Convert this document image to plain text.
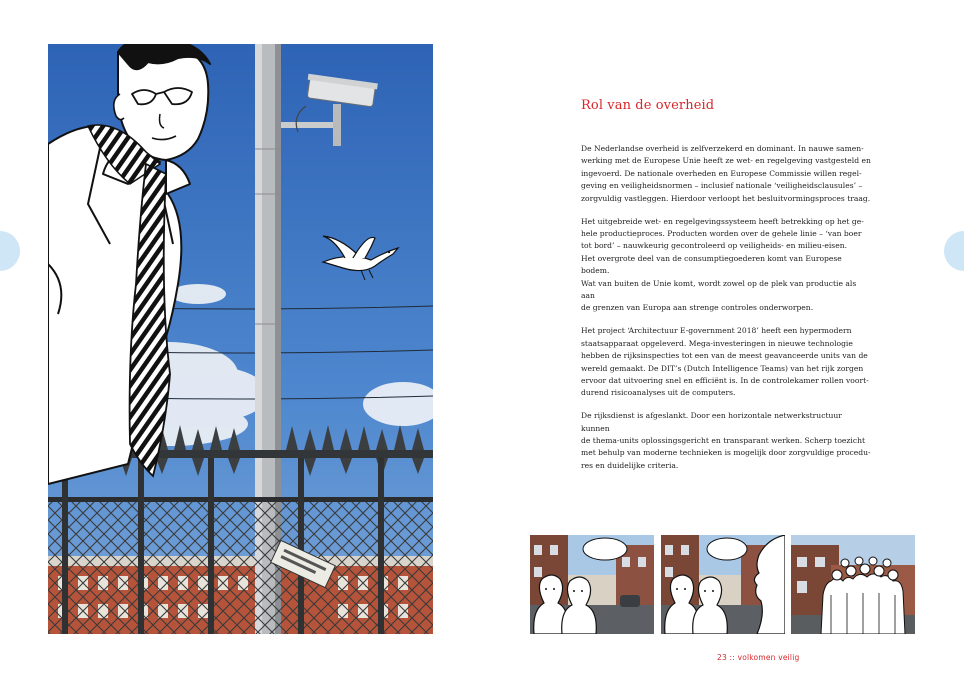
Rol van de overheid

De Nederlandse overheid is zelfverzekerd en dominant. In nauwe samen-
werking met de Europese Unie heeft ze wet- en regelgeving vastgesteld en
ingevoerd. De nationale overheden en Europese Commissie willen regel-
geving en veiligheidsnormen – inclusief nationale ‘veiligheidsclausules’ –
zorgvuldig vastleggen. Hierdoor verloopt het besluitvormingsproces traag.

Het uitgebreide wet- en regelgevingssysteem heeft betrekking op het ge-
hele productieproces. Producten worden over de gehele linie – ‘van boer
tot bord’ – nauwkeurig gecontroleerd op veiligheids- en milieu-eisen.
Het overgrote deel van de consumptiegoederen komt van Europese bodem.
Wat van buiten de Unie komt, wordt zowel op de plek van productie als aan
de grenzen van Europa aan strenge controles onderworpen.

Het project ‘Architectuur E-government 2018’ heeft een hypermodern
staatsapparaat opgeleverd. Mega-investeringen in nieuwe technologie
hebben de rijksinspecties tot een van de meest geavanceerde units van de
wereld gemaakt. De DIT’s (Dutch Intelligence Teams) van het rijk zorgen
ervoor dat uitvoering snel en efficiënt is. In de controlekamer rollen voort-
durend risicoanalyses uit de computers.

De rijksdienst is afgeslankt. Door een horizontale netwerkstructuur kunnen
de thema-units oplossingsgericht en transparant werken. Scherp toezicht
met behulp van moderne technieken is mogelijk door zorgvuldige procedu-
res en duidelijke criteria.

23 :: volkomen veilig
